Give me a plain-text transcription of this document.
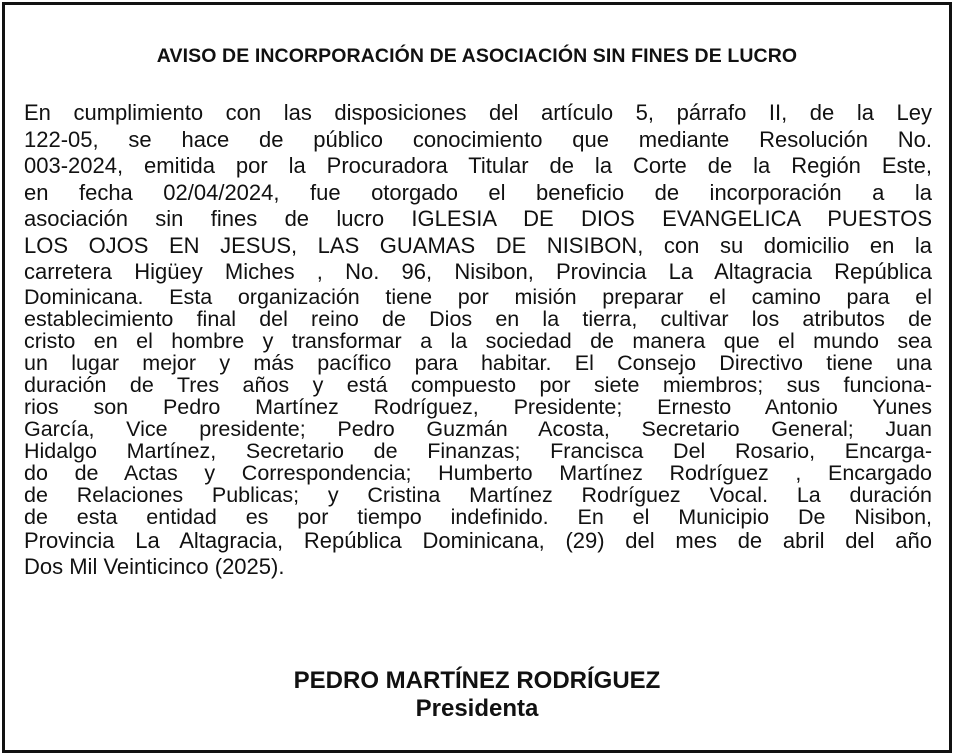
AVISO DE INCORPORACIÓN DE ASOCIACIÓN SIN FINES DE LUCRO
En cumplimiento con las disposiciones del artículo 5, párrafo II, de la Ley
122-05, se hace de público conocimiento que mediante Resolución No.
003-2024, emitida por la Procuradora Titular de la Corte de la Región Este,
en fecha 02/04/2024, fue otorgado el beneficio de incorporación a la
asociación sin fines de lucro IGLESIA DE DIOS EVANGELICA PUESTOS
LOS OJOS EN JESUS, LAS GUAMAS DE NISIBON, con su domicilio en la
carretera Higüey Miches , No. 96, Nisibon, Provincia La Altagracia República
Dominicana. Esta organización tiene por misión preparar el camino para el
establecimiento final del reino de Dios en la tierra, cultivar los atributos de
cristo en el hombre y transformar a la sociedad de manera que el mundo sea
un lugar mejor y más pacífico para habitar. El Consejo Directivo tiene una
duración de Tres años y está compuesto por siete miembros; sus funciona-
rios son Pedro Martínez Rodríguez, Presidente; Ernesto Antonio Yunes
García, Vice presidente; Pedro Guzmán Acosta, Secretario General; Juan
Hidalgo Martínez, Secretario de Finanzas; Francisca Del Rosario, Encarga-
do de Actas y Correspondencia; Humberto Martínez Rodríguez , Encargado
de Relaciones Publicas; y Cristina Martínez Rodríguez Vocal. La duración
de esta entidad es por tiempo indefinido. En el Municipio De Nisibon,
Provincia La Altagracia, República Dominicana, (29) del mes de abril del año
Dos Mil Veinticinco (2025).
PEDRO MARTÍNEZ RODRÍGUEZ
Presidenta
